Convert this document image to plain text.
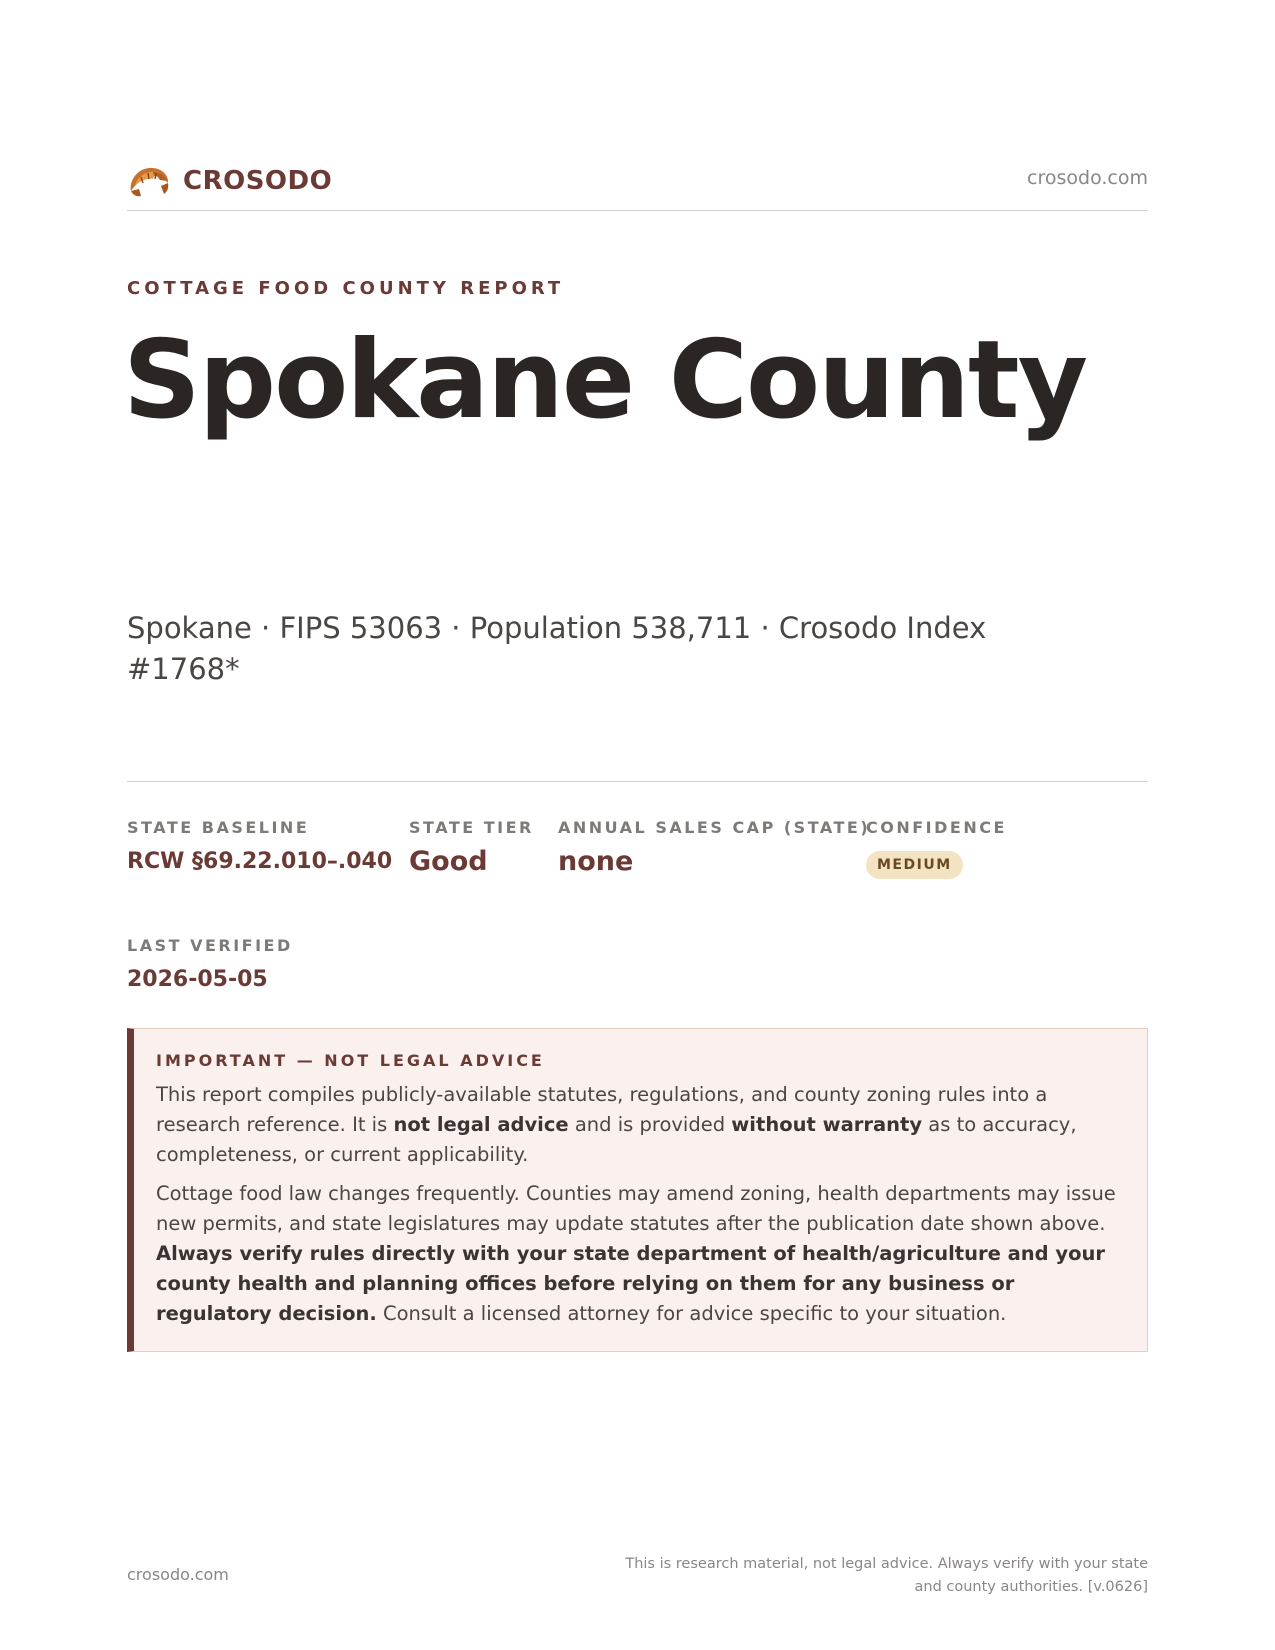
CROSODO	crosodo.com
COTTAGE FOOD COUNTY REPORT
Spokane County
Spokane · FIPS 53063 · Population 538,711 · Crosodo Index #1768*
STATE BASELINE
RCW §69.22.010–.040
STATE TIER
Good
ANNUAL SALES CAP (STATE)
none
CONFIDENCE
MEDIUM
LAST VERIFIED
2026-05-05
IMPORTANT — NOT LEGAL ADVICE

This report compiles publicly-available statutes, regulations, and county zoning rules into a research reference. It is not legal advice and is provided without warranty as to accuracy, completeness, or current applicability.

Cottage food law changes frequently. Counties may amend zoning, health departments may issue new permits, and state legislatures may update statutes after the publication date shown above. Always verify rules directly with your state department of health/agriculture and your county health and planning offices before relying on them for any business or regulatory decision. Consult a licensed attorney for advice specific to your situation.

crosodo.com
This is research material, not legal advice. Always verify with your state
and county authorities. [v.0626]
